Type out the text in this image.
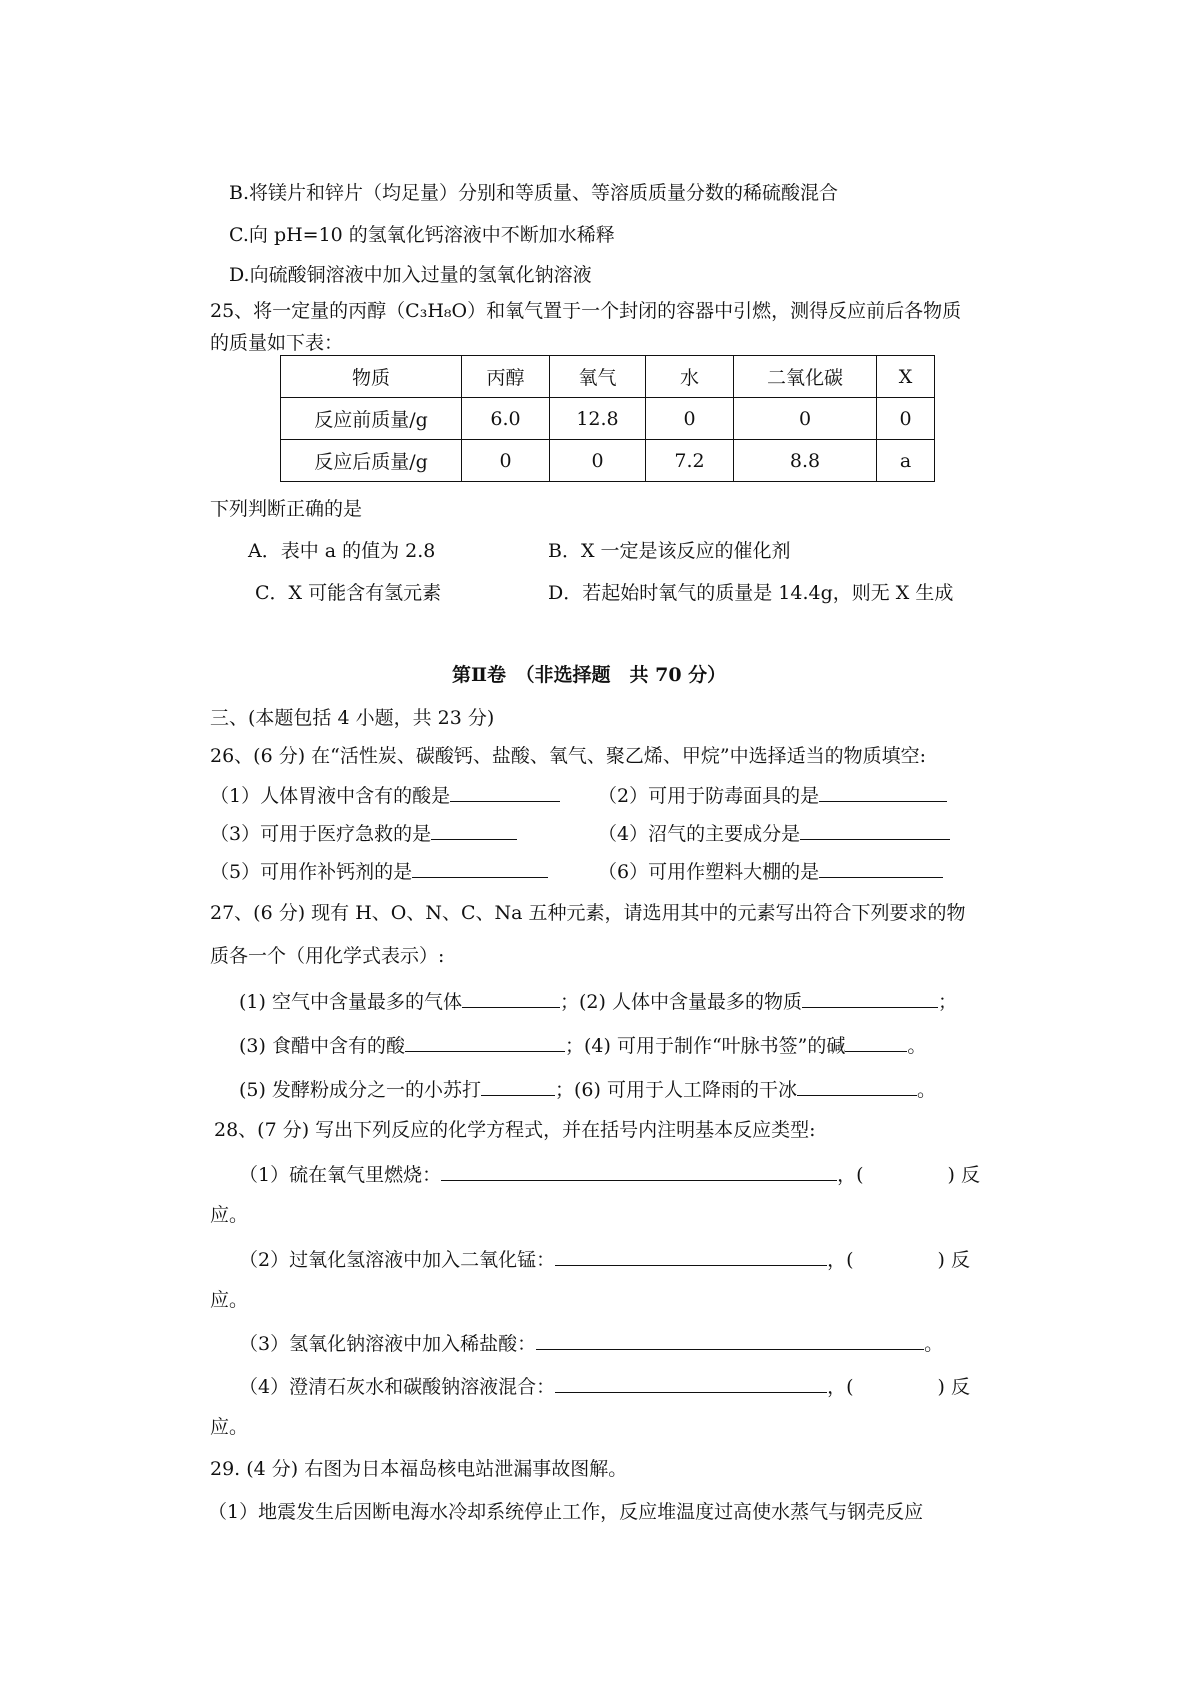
B.将镁片和锌片（均足量）分别和等质量、等溶质质量分数的稀硫酸混合
C.向 pH=10 的氢氧化钙溶液中不断加水稀释
D.向硫酸铜溶液中加入过量的氢氧化钠溶液
25、将一定量的丙醇（C₃H₈O）和氧气置于一个封闭的容器中引燃，测得反应前后各物质
的质量如下表：
物质	丙醇	氧气	水	二氧化碳	X
反应前质量/g	6.0	12.8	0	0	0
反应后质量/g	0	0	7.2	8.8	a
下列判断正确的是
A．表中 a 的值为 2.8	B．X 一定是该反应的催化剂
C．X 可能含有氢元素	D．若起始时氧气的质量是 14.4g，则无 X 生成
第Ⅱ卷　（非选择题　共 70 分）
三、(本题包括 4 小题，共 23 分)
26、(6 分) 在“活性炭、碳酸钙、盐酸、氧气、聚乙烯、甲烷”中选择适当的物质填空:
（1）人体胃液中含有的酸是	（2）可用于防毒面具的是
（3）可用于医疗急救的是	（4）沼气的主要成分是
（5）可用作补钙剂的是	（6）可用作塑料大棚的是
27、(6 分) 现有 H、O、N、C、Na 五种元素，请选用其中的元素写出符合下列要求的物
质各一个（用化学式表示）:
(1) 空气中含量最多的气体	；(2) 人体中含量最多的物质	；
(3) 食醋中含有的酸	；(4) 可用于制作“叶脉书签”的碱	。
(5) 发酵粉成分之一的小苏打	；(6) 可用于人工降雨的干冰	。
28、(7 分) 写出下列反应的化学方程式，并在括号内注明基本反应类型:
（1）硫在氧气里燃烧：	，(	) 反
应。
（2）过氧化氢溶液中加入二氧化锰：	，(	) 反
应。
（3）氢氧化钠溶液中加入稀盐酸：	。
（4）澄清石灰水和碳酸钠溶液混合：	，(	) 反
应。
29. (4 分) 右图为日本福岛核电站泄漏事故图解。
（1）地震发生后因断电海水冷却系统停止工作，反应堆温度过高使水蒸气与钢壳反应
